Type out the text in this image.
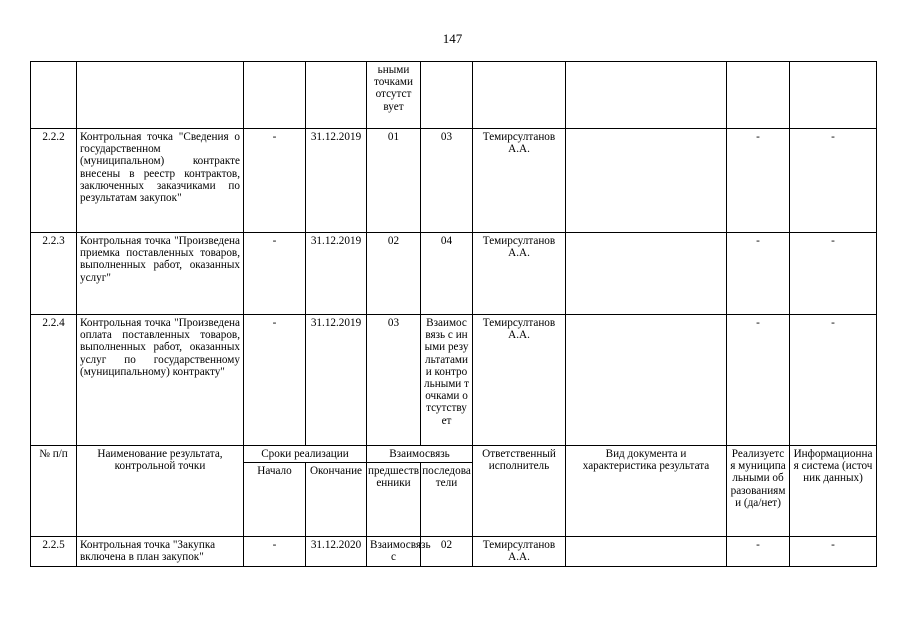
147
				ьными
точками
отсутст
вует					
2.2.2	Контрольная точка "Сведения о государственном (муниципальном) контракте внесены в реестр контрактов, заключенных заказчиками по результатам закупок"	-	31.12.2019	01	03	Темирсултанов А.А.		-	-
2.2.3	Контрольная точка "Произведена приемка поставленных товаров, выполненных работ, оказанных услуг"	-	31.12.2019	02	04	Темирсултанов А.А.		-	-
2.2.4	Контрольная точка "Произведена оплата поставленных товаров, выполненных работ, оказанных услуг по государственному (муниципальному) контракту"	-	31.12.2019	03	Взаимосвязь с иными результатами и контрольными точками отсутствует	Темирсултанов А.А.		-	-
№ п/п	Наименование результата, контрольной точки	Сроки реализации		Взаимосвязь		Ответственный исполнитель	Вид документа и характеристика результата	Реализуется муниципальными образованиями (да/нет)	Информационная система (источник данных)
		Начало	Окончание	предшественники	последователи				
2.2.5	Контрольная точка "Закупка включена в план закупок"	-	31.12.2020	Взаимосвязь с	02	Темирсултанов А.А.		-	-
